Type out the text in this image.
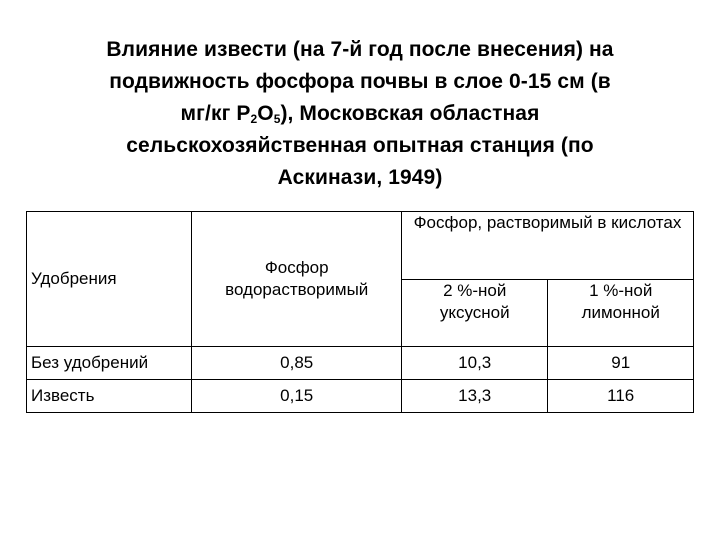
Влияние извести (на 7-й год после внесения) на
подвижность фосфора почвы в слое 0-15 см (в
мг/кг $P_2O_5$), Московская областная
сельскохозяйственная опытная станция (по
Аскинази, 1949)
Удобрения	Фосфор водорастворимый	Фосфор, растворимый в кислотах	
		2 %-ной уксусной	1 %-ной лимонной
Без удобрений	0,85	10,3	91
Известь	0,15	13,3	116
